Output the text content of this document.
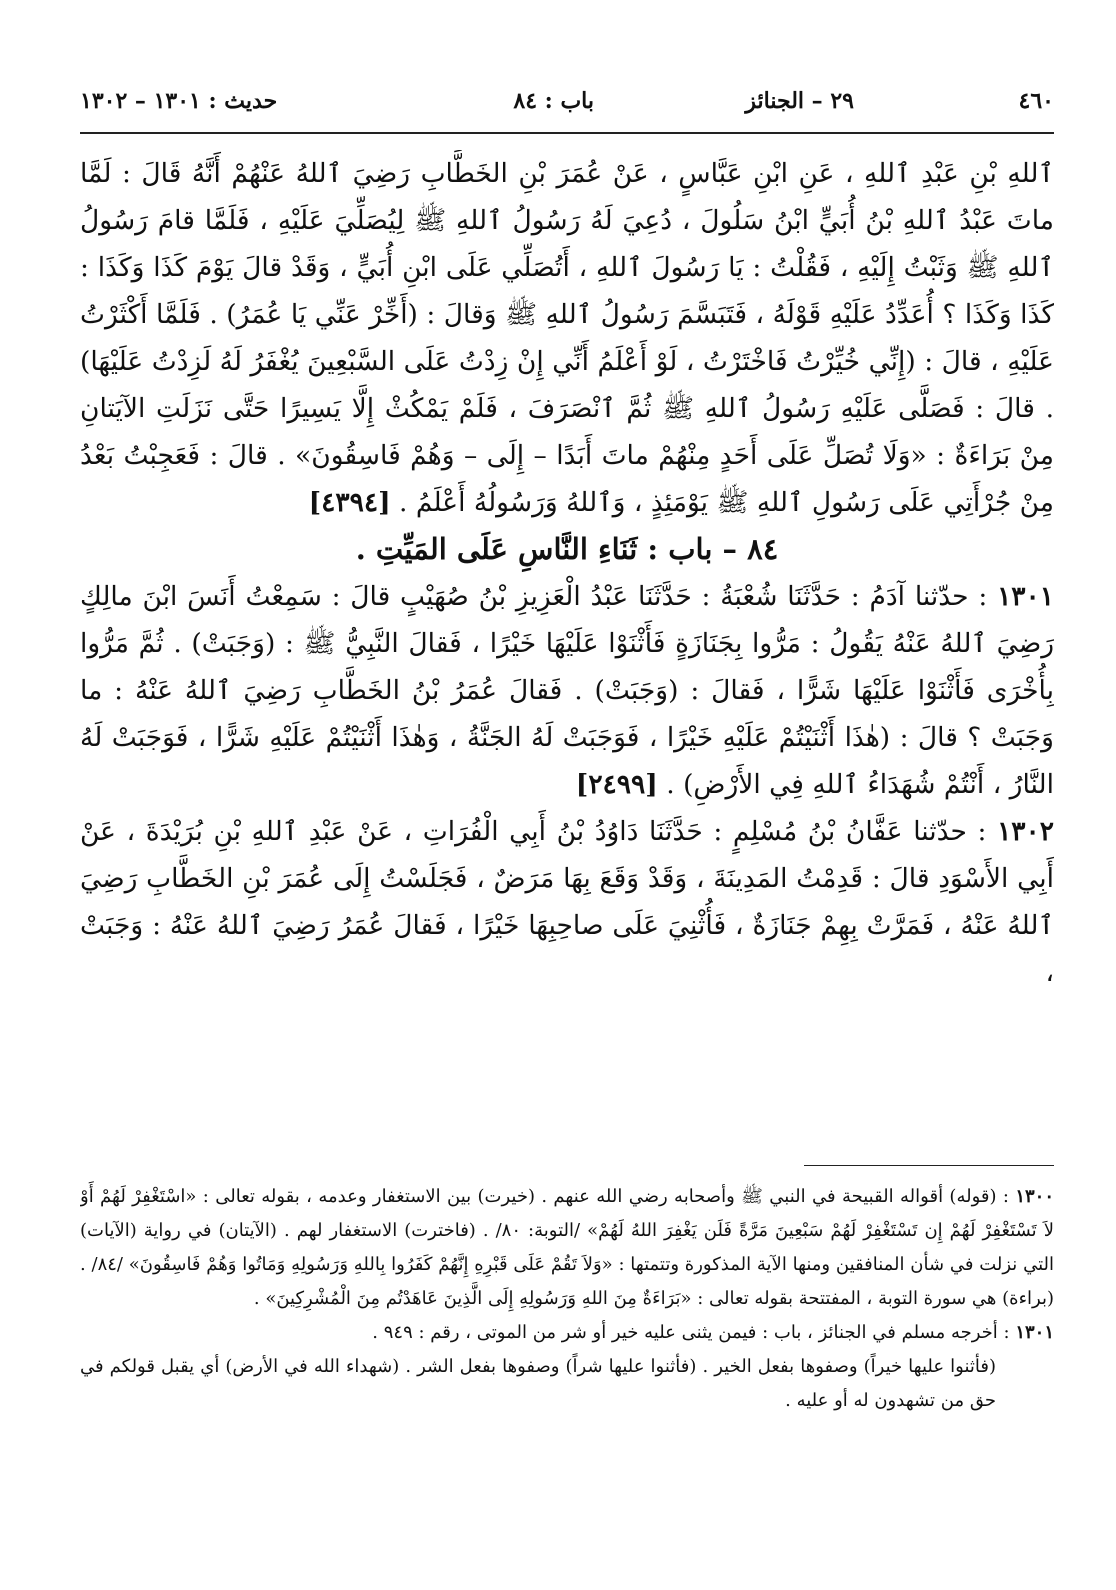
٤٦٠
٢٩ – الجنائز
باب : ٨٤
حديث : ١٣٠١ – ١٣٠٢

ٱللهِ بْنِ عَبْدِ ٱللهِ ، عَنِ ابْنِ عَبَّاسٍ ، عَنْ عُمَرَ بْنِ الخَطَّابِ رَضِيَ ٱللهُ عَنْهُمْ أَنَّهُ قَالَ : لَمَّا ماتَ عَبْدُ ٱللهِ بْنُ أُبَيٍّ ابْنُ سَلُولَ ، دُعِيَ لَهُ رَسُولُ ٱللهِ ﷺ لِيُصَلِّيَ عَلَيْهِ ، فَلَمَّا قامَ رَسُولُ ٱللهِ ﷺ وَثَبْتُ إِلَيْهِ ، فَقُلْتُ : يَا رَسُولَ ٱللهِ ، أَتُصَلِّي عَلَى ابْنِ أُبَيٍّ ، وَقَدْ قالَ يَوْمَ كَذَا وَكَذَا : كَذَا وَكَذَا ؟ أُعَدِّدُ عَلَيْهِ قَوْلَهُ ، فَتَبَسَّمَ رَسُولُ ٱللهِ ﷺ وَقالَ : (أَخِّرْ عَنِّي يَا عُمَرُ) . فَلَمَّا أَكْثَرْتُ عَلَيْهِ ، قالَ : (إِنِّي خُيِّرْتُ فَاخْتَرْتُ ، لَوْ أَعْلَمُ أَنِّي إِنْ زِدْتُ عَلَى السَّبْعِينَ يُغْفَرُ لَهُ لَزِدْتُ عَلَيْهَا) . قالَ : فَصَلَّى عَلَيْهِ رَسُولُ ٱللهِ ﷺ ثُمَّ ٱنْصَرَفَ ، فَلَمْ يَمْكُثْ إِلَّا يَسِيرًا حَتَّى نَزَلَتِ الآيَتانِ مِنْ بَرَاءَةٌ : «وَلَا تُصَلِّ عَلَى أَحَدٍ مِنْهُمْ ماتَ أَبَدًا – إِلَى – وَهُمْ فَاسِقُونَ» . قالَ : فَعَجِبْتُ بَعْدُ مِنْ جُرْأَتِي عَلَى رَسُولِ ٱللهِ ﷺ يَوْمَئِذٍ ، وَٱللهُ وَرَسُولُهُ أَعْلَمُ . [٤٣٩٤]

٨٤ – باب : ثَنَاءِ النَّاسِ عَلَى المَيِّتِ .

١٣٠١ : حدّثنا آدَمُ : حَدَّثَنَا شُعْبَةُ : حَدَّثَنَا عَبْدُ الْعَزِيزِ بْنُ صُهَيْبٍ قالَ : سَمِعْتُ أَنَسَ ابْنَ مالِكٍ رَضِيَ ٱللهُ عَنْهُ يَقُولُ : مَرُّوا بِجَنَازَةٍ فَأَثْنَوْا عَلَيْهَا خَيْرًا ، فَقالَ النَّبِيُّ ﷺ : (وَجَبَتْ) . ثُمَّ مَرُّوا بِأُخْرَى فَأَثْنَوْا عَلَيْهَا شَرًّا ، فَقالَ : (وَجَبَتْ) . فَقالَ عُمَرُ بْنُ الخَطَّابِ رَضِيَ ٱللهُ عَنْهُ : ما وَجَبَتْ ؟ قالَ : (هٰذَا أَثْنَيْتُمْ عَلَيْهِ خَيْرًا ، فَوَجَبَتْ لَهُ الجَنَّةُ ، وَهٰذَا أَثْنَيْتُمْ عَلَيْهِ شَرًّا ، فَوَجَبَتْ لَهُ النَّارُ ، أَنْتُمْ شُهَدَاءُ ٱللهِ فِي الأَرْضِ) . [٢٤٩٩]

١٣٠٢ : حدّثنا عَفَّانُ بْنُ مُسْلِمٍ : حَدَّثَنَا دَاوُدُ بْنُ أَبِي الْفُرَاتِ ، عَنْ عَبْدِ ٱللهِ بْنِ بُرَيْدَةَ ، عَنْ أَبِي الأَسْوَدِ قالَ : قَدِمْتُ المَدِينَةَ ، وَقَدْ وَقَعَ بِهَا مَرَضٌ ، فَجَلَسْتُ إِلَى عُمَرَ بْنِ الخَطَّابِ رَضِيَ ٱللهُ عَنْهُ ، فَمَرَّتْ بِهِمْ جَنَازَةٌ ، فَأُثْنِيَ عَلَى صاحِبِهَا خَيْرًا ، فَقالَ عُمَرُ رَضِيَ ٱللهُ عَنْهُ : وَجَبَتْ ،

١٣٠٠ : (قوله) أقواله القبيحة في النبي ﷺ وأصحابه رضي الله عنهم . (خيرت) بين الاستغفار وعدمه ، بقوله تعالى : «اسْتَغْفِرْ لَهُمْ أَوْ لاَ تَسْتَغْفِرْ لَهُمْ إِن تَسْتَغْفِرْ لَهُمْ سَبْعِينَ مَرَّةً فَلَن يَغْفِرَ اللهُ لَهُمْ» /التوبة: ٨٠/ . (فاخترت) الاستغفار لهم . (الآيتان) في رواية (الآيات) التي نزلت في شأن المنافقين ومنها الآية المذكورة وتتمتها : «وَلاَ تَقُمْ عَلَى قَبْرِهِ إِنَّهُمْ كَفَرُوا بِاللهِ وَرَسُولِهِ وَمَاتُوا وَهُمْ فَاسِقُونَ» /٨٤/ . (براءة) هي سورة التوبة ، المفتتحة بقوله تعالى : «بَرَاءَةٌ مِنَ اللهِ وَرَسُولِهِ إِلَى الَّذِينَ عَاهَدْتُم مِنَ الْمُشْرِكِينَ» .

١٣٠١ : أخرجه مسلم في الجنائز ، باب : فيمن يثنى عليه خير أو شر من الموتى ، رقم : ٩٤٩ .

(فأثنوا عليها خيراً) وصفوها بفعل الخير . (فأثنوا عليها شراً) وصفوها بفعل الشر . (شهداء الله في الأرض) أي يقبل قولكم في حق من تشهدون له أو عليه .
